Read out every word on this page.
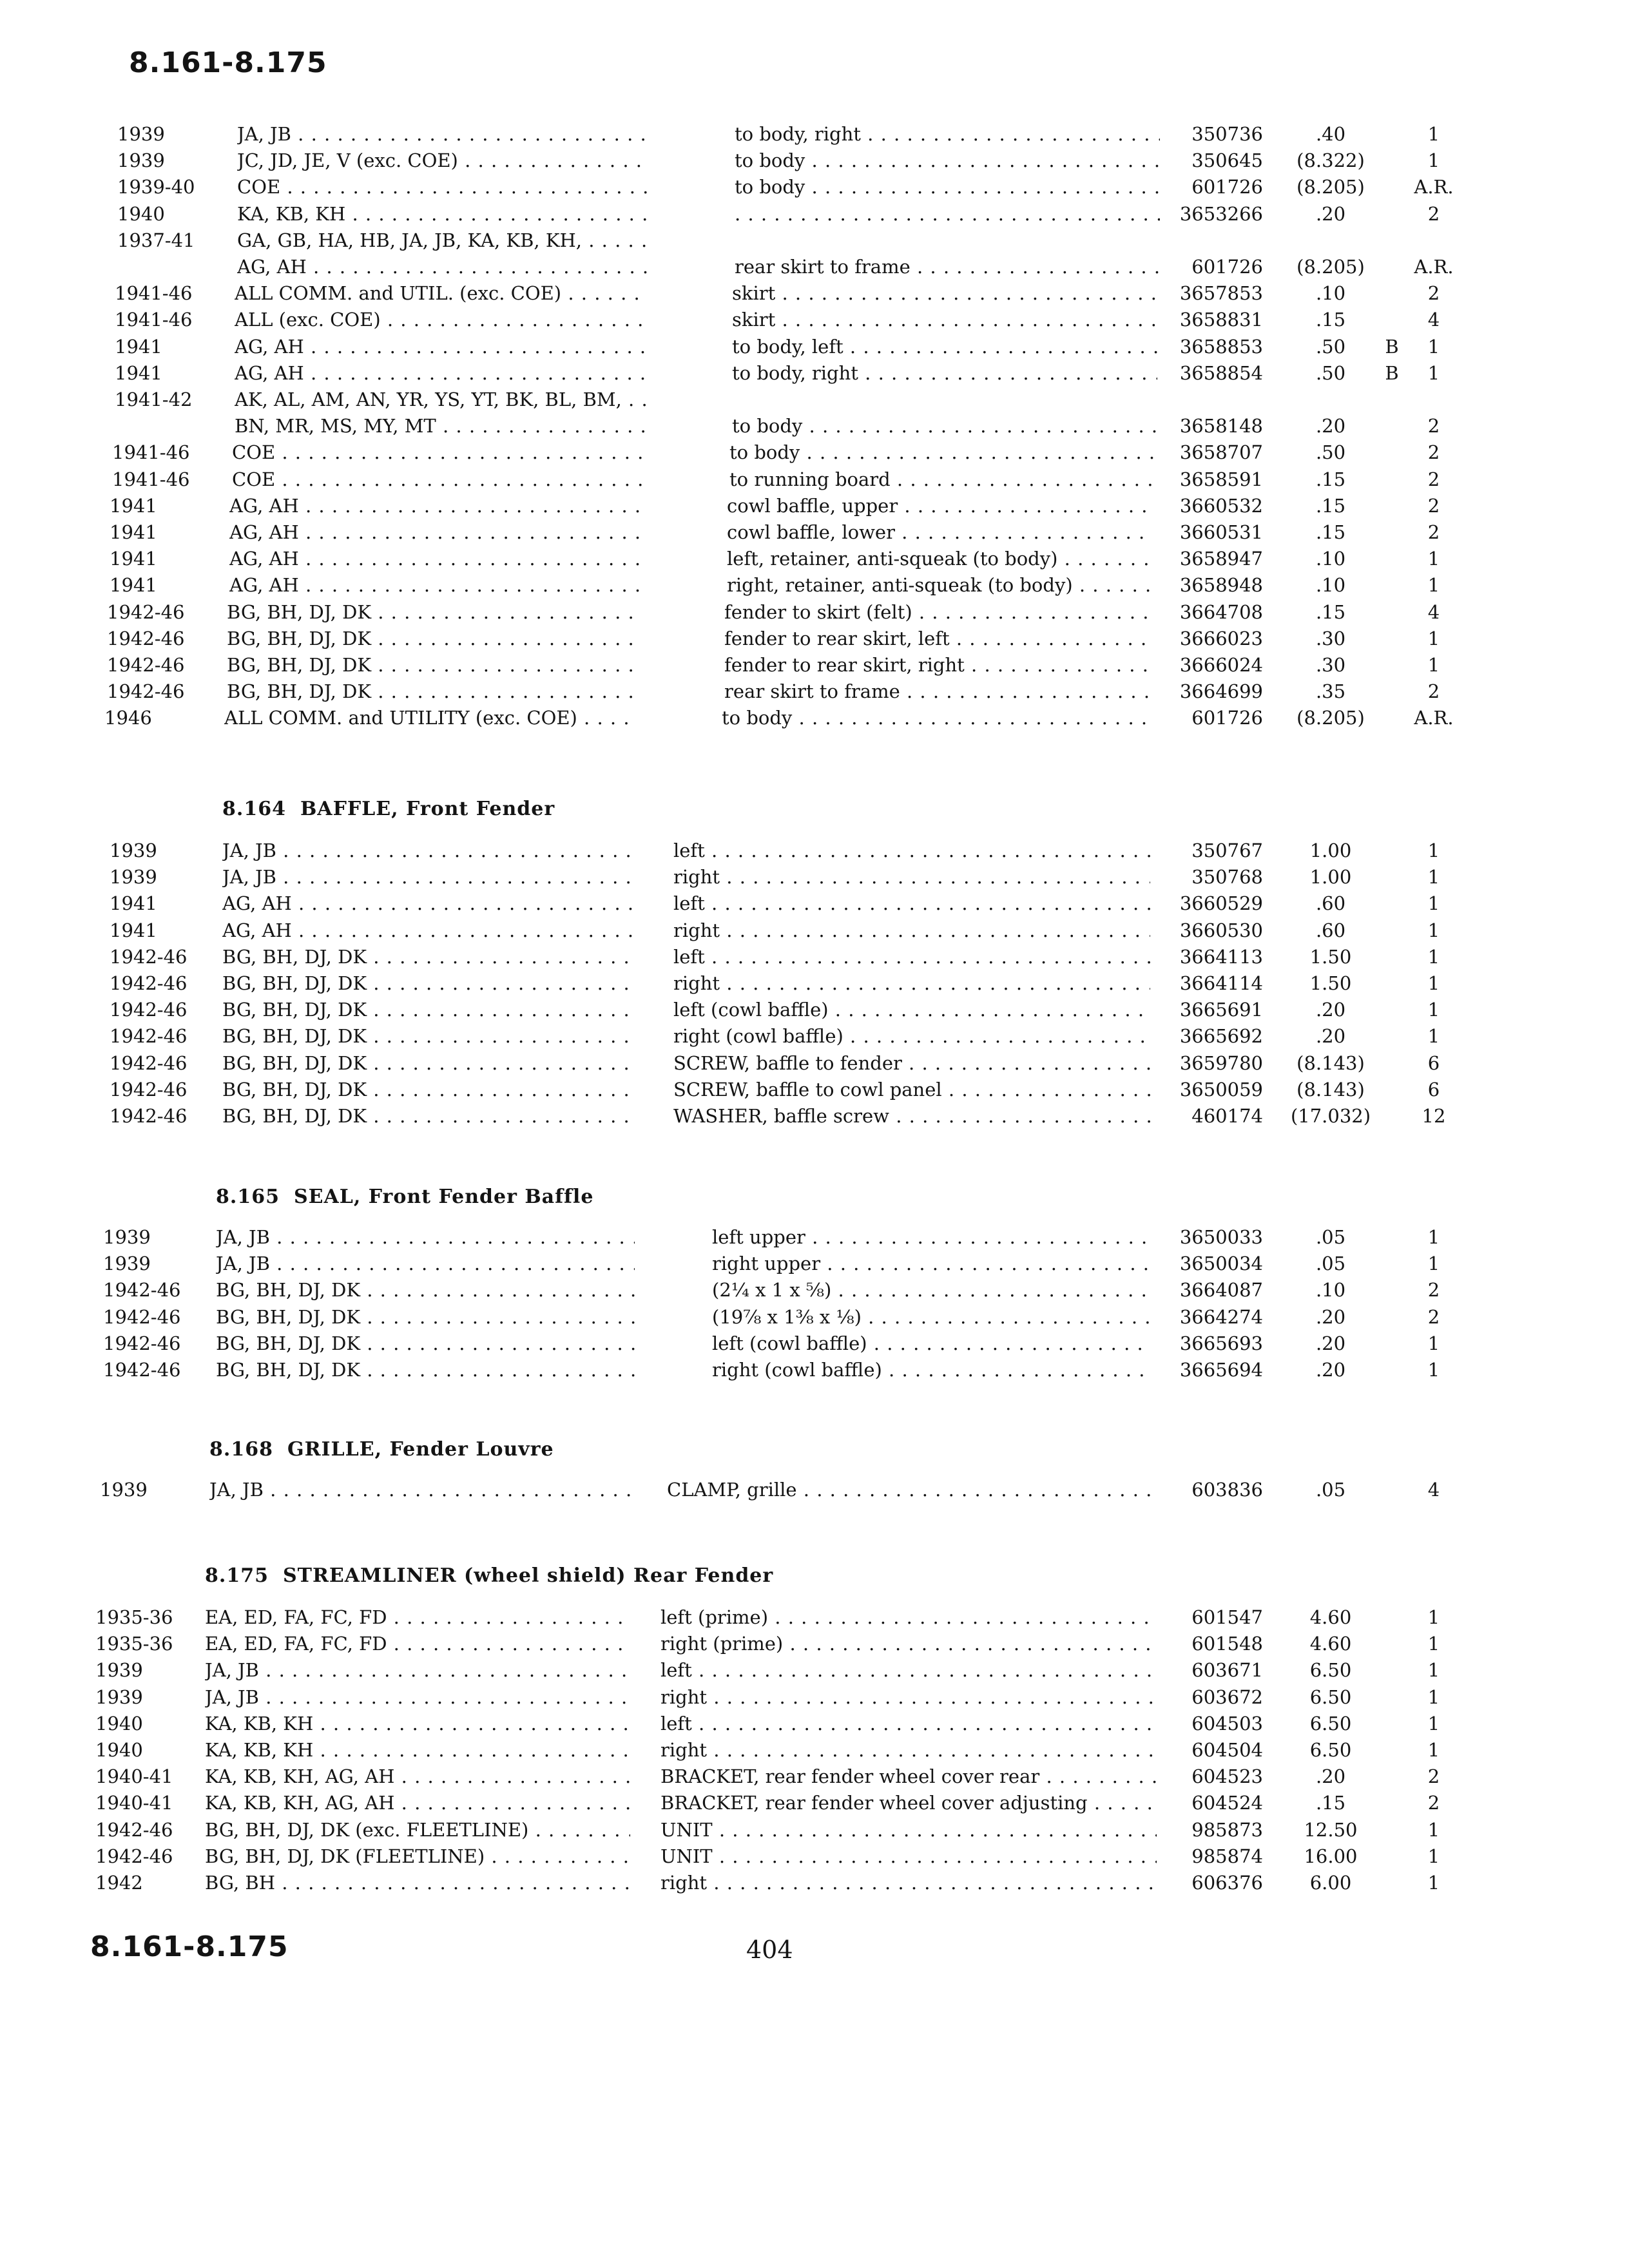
8.161-8.175
1939	JA, JB . . .	to body, right . . .	350736	.40	1
1939	JC, JD, JE, V (exc. COE) . . .	to body . . .	350645	(8.322)	1
1939-40	COE . . .	to body . . .	601726	(8.205)	A.R.
1940	KA, KB, KH . . .
. . .	3653266	.20	2
1937-41	GA, GB, HA, HB, JA, JB, KA, KB, KH, . . .
AG, AH . . .	rear skirt to frame . . .	601726	(8.205)	A.R.
1941-46	ALL COMM. and UTIL. (exc. COE) . . .	skirt . . .	3657853	.10	2
1941-46	ALL (exc. COE) . . .	skirt . . .	3658831	.15	4
1941	AG, AH . . .	to body, left . . .	3658853	.50	B	1
1941	AG, AH . . .	to body, right . . .	3658854	.50	B	1
1941-42	AK, AL, AM, AN, YR, YS, YT, BK, BL, BM, . . .
BN, MR, MS, MY, MT . . .	to body . . .	3658148	.20	2
1941-46	COE . . .	to body . . .	3658707	.50	2
1941-46	COE . . .	to running board . . .	3658591	.15	2
1941	AG, AH . . .	cowl baffle, upper . . .	3660532	.15	2
1941	AG, AH . . .	cowl baffle, lower . . .	3660531	.15	2
1941	AG, AH . . .	left, retainer, anti-squeak (to body) . . .	3658947	.10	1
1941	AG, AH . . .	right, retainer, anti-squeak (to body) . . .	3658948	.10	1
1942-46	BG, BH, DJ, DK . . .	fender to skirt (felt) . . .	3664708	.15	4
1942-46	BG, BH, DJ, DK . . .	fender to rear skirt, left . . .	3666023	.30	1
1942-46	BG, BH, DJ, DK . . .	fender to rear skirt, right . . .	3666024	.30	1
1942-46	BG, BH, DJ, DK . . .	rear skirt to frame . . .	3664699	.35	2
1946	ALL COMM. and UTILITY (exc. COE) . . .	to body . . .	601726	(8.205)	A.R.
8.164 BAFFLE, Front Fender
1939	JA, JB . . .	left . . .	350767	1.00	1
1939	JA, JB . . .	right . . .	350768	1.00	1
1941	AG, AH . . .	left . . .	3660529	.60	1
1941	AG, AH . . .	right . . .	3660530	.60	1
1942-46	BG, BH, DJ, DK . . .	left . . .	3664113	1.50	1
1942-46	BG, BH, DJ, DK . . .	right . . .	3664114	1.50	1
1942-46	BG, BH, DJ, DK . . .	left (cowl baffle) . . .	3665691	.20	1
1942-46	BG, BH, DJ, DK . . .	right (cowl baffle) . . .	3665692	.20	1
1942-46	BG, BH, DJ, DK . . .	SCREW, baffle to fender . . .	3659780	(8.143)	6
1942-46	BG, BH, DJ, DK . . .	SCREW, baffle to cowl panel . . .	3650059	(8.143)	6
1942-46	BG, BH, DJ, DK . . .	WASHER, baffle screw . . .	460174	(17.032)	12
8.165 SEAL, Front Fender Baffle
1939	JA, JB . . .	left upper . . .	3650033	.05	1
1939	JA, JB . . .	right upper . . .	3650034	.05	1
1942-46	BG, BH, DJ, DK . . .	(2¼ x 1 x ⅝) . . .	3664087	.10	2
1942-46	BG, BH, DJ, DK . . .	(19⅞ x 1⅜ x ⅛) . . .	3664274	.20	2
1942-46	BG, BH, DJ, DK . . .	left (cowl baffle) . . .	3665693	.20	1
1942-46	BG, BH, DJ, DK . . .	right (cowl baffle) . . .	3665694	.20	1
8.168 GRILLE, Fender Louvre
1939	JA, JB . . .	CLAMP, grille . . .	603836	.05	4
8.175 STREAMLINER (wheel shield) Rear Fender
1935-36	EA, ED, FA, FC, FD . . .	left (prime) . . .	601547	4.60	1
1935-36	EA, ED, FA, FC, FD . . .	right (prime) . . .	601548	4.60	1
1939	JA, JB . . .	left . . .	603671	6.50	1
1939	JA, JB . . .	right . . .	603672	6.50	1
1940	KA, KB, KH . . .	left . . .	604503	6.50	1
1940	KA, KB, KH . . .	right . . .	604504	6.50	1
1940-41	KA, KB, KH, AG, AH . . .	BRACKET, rear fender wheel cover rear . . .	604523	.20	2
1940-41	KA, KB, KH, AG, AH . . .	BRACKET, rear fender wheel cover adjusting . . .	604524	.15	2
1942-46	BG, BH, DJ, DK (exc. FLEETLINE) . . .	UNIT . . .	985873	12.50	1
1942-46	BG, BH, DJ, DK (FLEETLINE) . . .	UNIT . . .	985874	16.00	1
1942	BG, BH . . .	right . . .	606376	6.00	1
404
8.161-8.175
